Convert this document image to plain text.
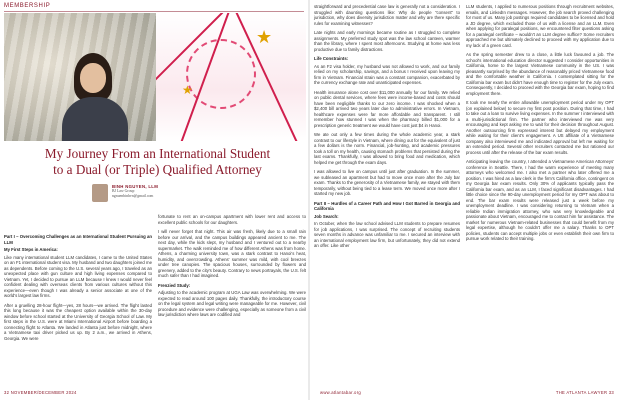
MEMBERSHIP
★
★
My Journey From an International Student
to a Dual (or Triple) Qualified Attorney
BINH NGUYEN, LLM
BJ Law Group
ngnuenbinhvn@gmail.com
Part I – Overcoming Challenges as an International Student Pursuing an LLM
My First Steps in America:

Like many international student LLM candidates, I came to the United States on an F1 international student visa. My husband and two daughters joined me as dependents. Before coming to the U.S. several years ago, I traveled as an unexpected place with gun culture and high living expenses compared to Vietnam. Yet, I decided to pursue an LLM because I knew I would never feel confident dealing with overseas clients from various cultures without this experience—even though I was already a senior associate at one of the world's largest law firms.

After a gruelling 28-hour flight—yes, 28 hours—we arrived. The flight lasted this long because it was the cheapest option available within the 30-day window before school started at the University of Georgia School of Law. My first steps in the U.S. were at Miami International Airport before boarding a connecting flight to Atlanta. We landed in Atlanta just before midnight, where a Vietnamese taxi driver picked us up. By 2 a.m., we arrived in Athens, Georgia. We were

fortunate to rent an on-campus apartment with lower rent and access to excellent public schools for our daughters.

I will never forget that night. This air was fresh, likely due to a small rain before our arrival, and the campus buildings appeared ancient to me. The next day, while the kids slept, my husband and I ventured out to a nearby supermarket. The walk reminded me of how different Athens was from home. Athens, a charming university town, was a stark contrast to Hanoi's heat, humidity, and overcrowding. Athens' summer was mild, with cool breezes under tree canopies. The spacious houses, surrounded by flowers and greenery, added to the city's beauty. Contrary to news portrayals, the U.S. felt much safer than I had imagined.

Frenzied Study:

Adjusting to the academic program at UGA Law was overwhelming. We were expected to read around 100 pages daily. Thankfully, the introductory course on the legal system and legal writing were manageable for me. However, civil procedure and evidence were challenging, especially as someone from a civil law jurisdiction where laws are codified and

straightforward and precedential case law is generally not a consideration. I struggled with daunting questions like: Why do people "consent" to jurisdiction, why does diversity jurisdiction matter and why are there specific rules for examining witnesses?

Late nights and early mornings became routine as I struggled to complete assignments. My preferred study spot was the law school canteen, warmer than the library, where I spent most afternoons. Studying at home was less productive due to family distractions.

Life Constraints:

As an F2 visa holder, my husband was not allowed to work, and our family relied on my scholarship, savings, and a bonus I received upon leaving my firm in Vietnam. Financial strain was a constant companion, exacerbated by the currency exchange rate and unanticipated expenses.

Health insurance alone cost over $11,000 annually for our family. We relied on public dental services, where fees were income-based and costs should have been negligible thanks to our zero income. I was shocked when a $2,400 bill arrived two years later due to administrative errors. In Vietnam, healthcare expenses were far more affordable and transparent. I still remember how stunned I was when the pharmacy billed $1,000 for a prescription generic treatment we would have cost just $4 in Hanoi.

We ate out only a few times during the whole academic year, a stark contrast to our lifestyle in Vietnam, where dining out for the equivalent of just a few dollars is the norm. Financial, job-hunting, and academic pressures took a toll on my health, causing stomach problems that persisted during the last exams. Thankfully, I was allowed to bring food and medication, which helped me get through the exam days.

I was allowed to live on campus until just after graduation. In the summer, we subleased an apartment but had to move once more after the July bar exam. Thanks to the generosity of a Vietnamese family, we stayed with them temporarily, without being tied to a lease term. We moved once more after I started my new job.

Part II – Hurdles of a Career Path and How I Got Barred in Georgia and California
Job Search:

In October, when the law school advised LLM students to prepare resumes for job applications, I was surprised. The concept of recruiting students seven months in advance was unfamiliar to me. I secured an interview with an international employment law firm, but unfortunately, they did not extend an offer. Like other

LLM students, I applied to numerous positions through recruitment websites, emails, and LinkedIn messages. However, the job search proved challenging for most of us. Many job postings required candidates to be licensed and hold a JD degree, which excluded those of us with a license and an LLM. Even when applying for paralegal positions, we encountered filter questions asking for a paralegal certificate – wouldn't an LLM degree suffice? Some recruiters approached me but ultimately declined to proceed with my application due to my lack of a green card.

As the spring semester drew to a close, a little luck favoured a job. The school's international education director suggested I consider opportunities in California, home to the largest Vietnamese community in the US. I was pleasantly surprised by the abundance of reasonably priced Vietnamese food and the comfortable weather in California. I contemplated sitting for the California bar exam but didn't have enough time to register for the July exam. Consequently, I decided to proceed with the Georgia bar exam, hoping to find employment there.

It took me nearly the entire allowable unemployment period under my OPT (on explained below) to secure my first post position. During that time, I had to take out a loan to survive living expenses. In the summer I interviewed with a multi-jurisdictional firm. The partner who interviewed me was very encouraging and kept asking me to wait for their decision throughout August. Another outsourcing firm expressed interest but delayed my employment while waiting for their client's engagement. A US affiliate of a Vietnamese company also interviewed me and indicated approval but left me waiting for an extended period. Several other recruiters contacted me but rationed our process until after the release of the bar exam results.

Anticipating leaving the country, I attended a Vietnamese American Attorneys' conference in Seattle. There, I had the warm experience of meeting many attorneys who welcomed me. I also met a partner who later offered me a position. I was hired as a law clerk in the firm's California office, contingent on my Georgia bar exam results. Only 30% of applicants typically pass the California bar exam, and as an LLM, I faced significant disadvantages. I had little choice since the 90-day unemployment period for my OPT was about to end. The bar exam results were released just a week before my unemployment deadline. I was considering returning to Vietnam when a reliable Indian immigration attorney, who was very knowledgeable and passionate about Vietnam, encouraged me to contact him for assistance. The market for numerous Vietnam-related businesses that could benefit from my legal expertise, although he couldn't offer me a salary. Thanks to OPT policies, students can accept multiple jobs or even establish their own firm to pursue work related to their training.

32 NOVEMBER/DECEMBER 2024	www.atlantabar.org	THE ATLANTA LAWYER 33
